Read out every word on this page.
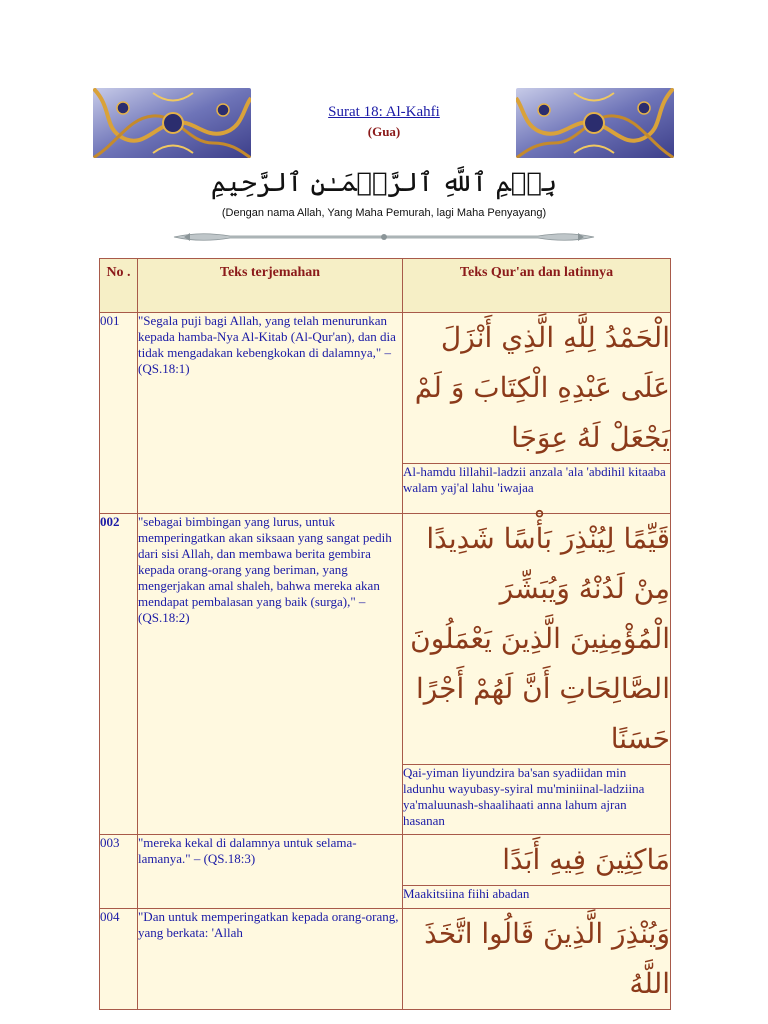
Surat 18: Al-Kahfi
(Gua)
بِسۡمِ ٱللَّهِ ٱلرَّحۡمَـٰنِ ٱلرَّحِيمِ
(Dengan nama Allah, Yang Maha Pemurah, lagi Maha Penyayang)
No .	Teks terjemahan	Teks Qur'an dan latinnya
001	"Segala puji bagi Allah, yang telah menurunkan kepada hamba-Nya Al-Kitab (Al-Qur'an), dan dia tidak mengadakan kebengkokan di dalamnya," – (QS.18:1)	الْحَمْدُ لِلَّهِ الَّذِي أَنْزَلَ عَلَى عَبْدِهِ الْكِتَابَ وَ لَمْ يَجْعَلْ لَهُ عِوَجَا
		Al-hamdu lillahil-ladzii anzala 'ala 'abdihil kitaaba walam yaj'al lahu 'iwajaa
002	"sebagai bimbingan yang lurus, untuk memperingatkan akan siksaan yang sangat pedih dari sisi Allah, dan membawa berita gembira kepada orang-orang yang beriman, yang mengerjakan amal shaleh, bahwa mereka akan mendapat pembalasan yang baik (surga)," – (QS.18:2)	قَيِّمًا لِيُنْذِرَ بَأْسًا شَدِيدًا مِنْ لَدُنْهُ وَيُبَشِّرَ الْمُؤْمِنِينَ الَّذِينَ يَعْمَلُونَ الصَّالِحَاتِ أَنَّ لَهُمْ أَجْرًا حَسَنًا
		Qai-yiman liyundzira ba'san syadiidan min ladunhu wayubasy-syiral mu'miniinal-ladziina ya'maluunash-shaalihaati anna lahum ajran hasanan
003	"mereka kekal di dalamnya untuk selama-lamanya." – (QS.18:3)	مَاكِثِينَ فِيهِ أَبَدًا
		Maakitsiina fiihi abadan
004	"Dan untuk memperingatkan kepada orang-orang, yang berkata: 'Allah	وَيُنْذِرَ الَّذِينَ قَالُوا اتَّخَذَ اللَّهُ
